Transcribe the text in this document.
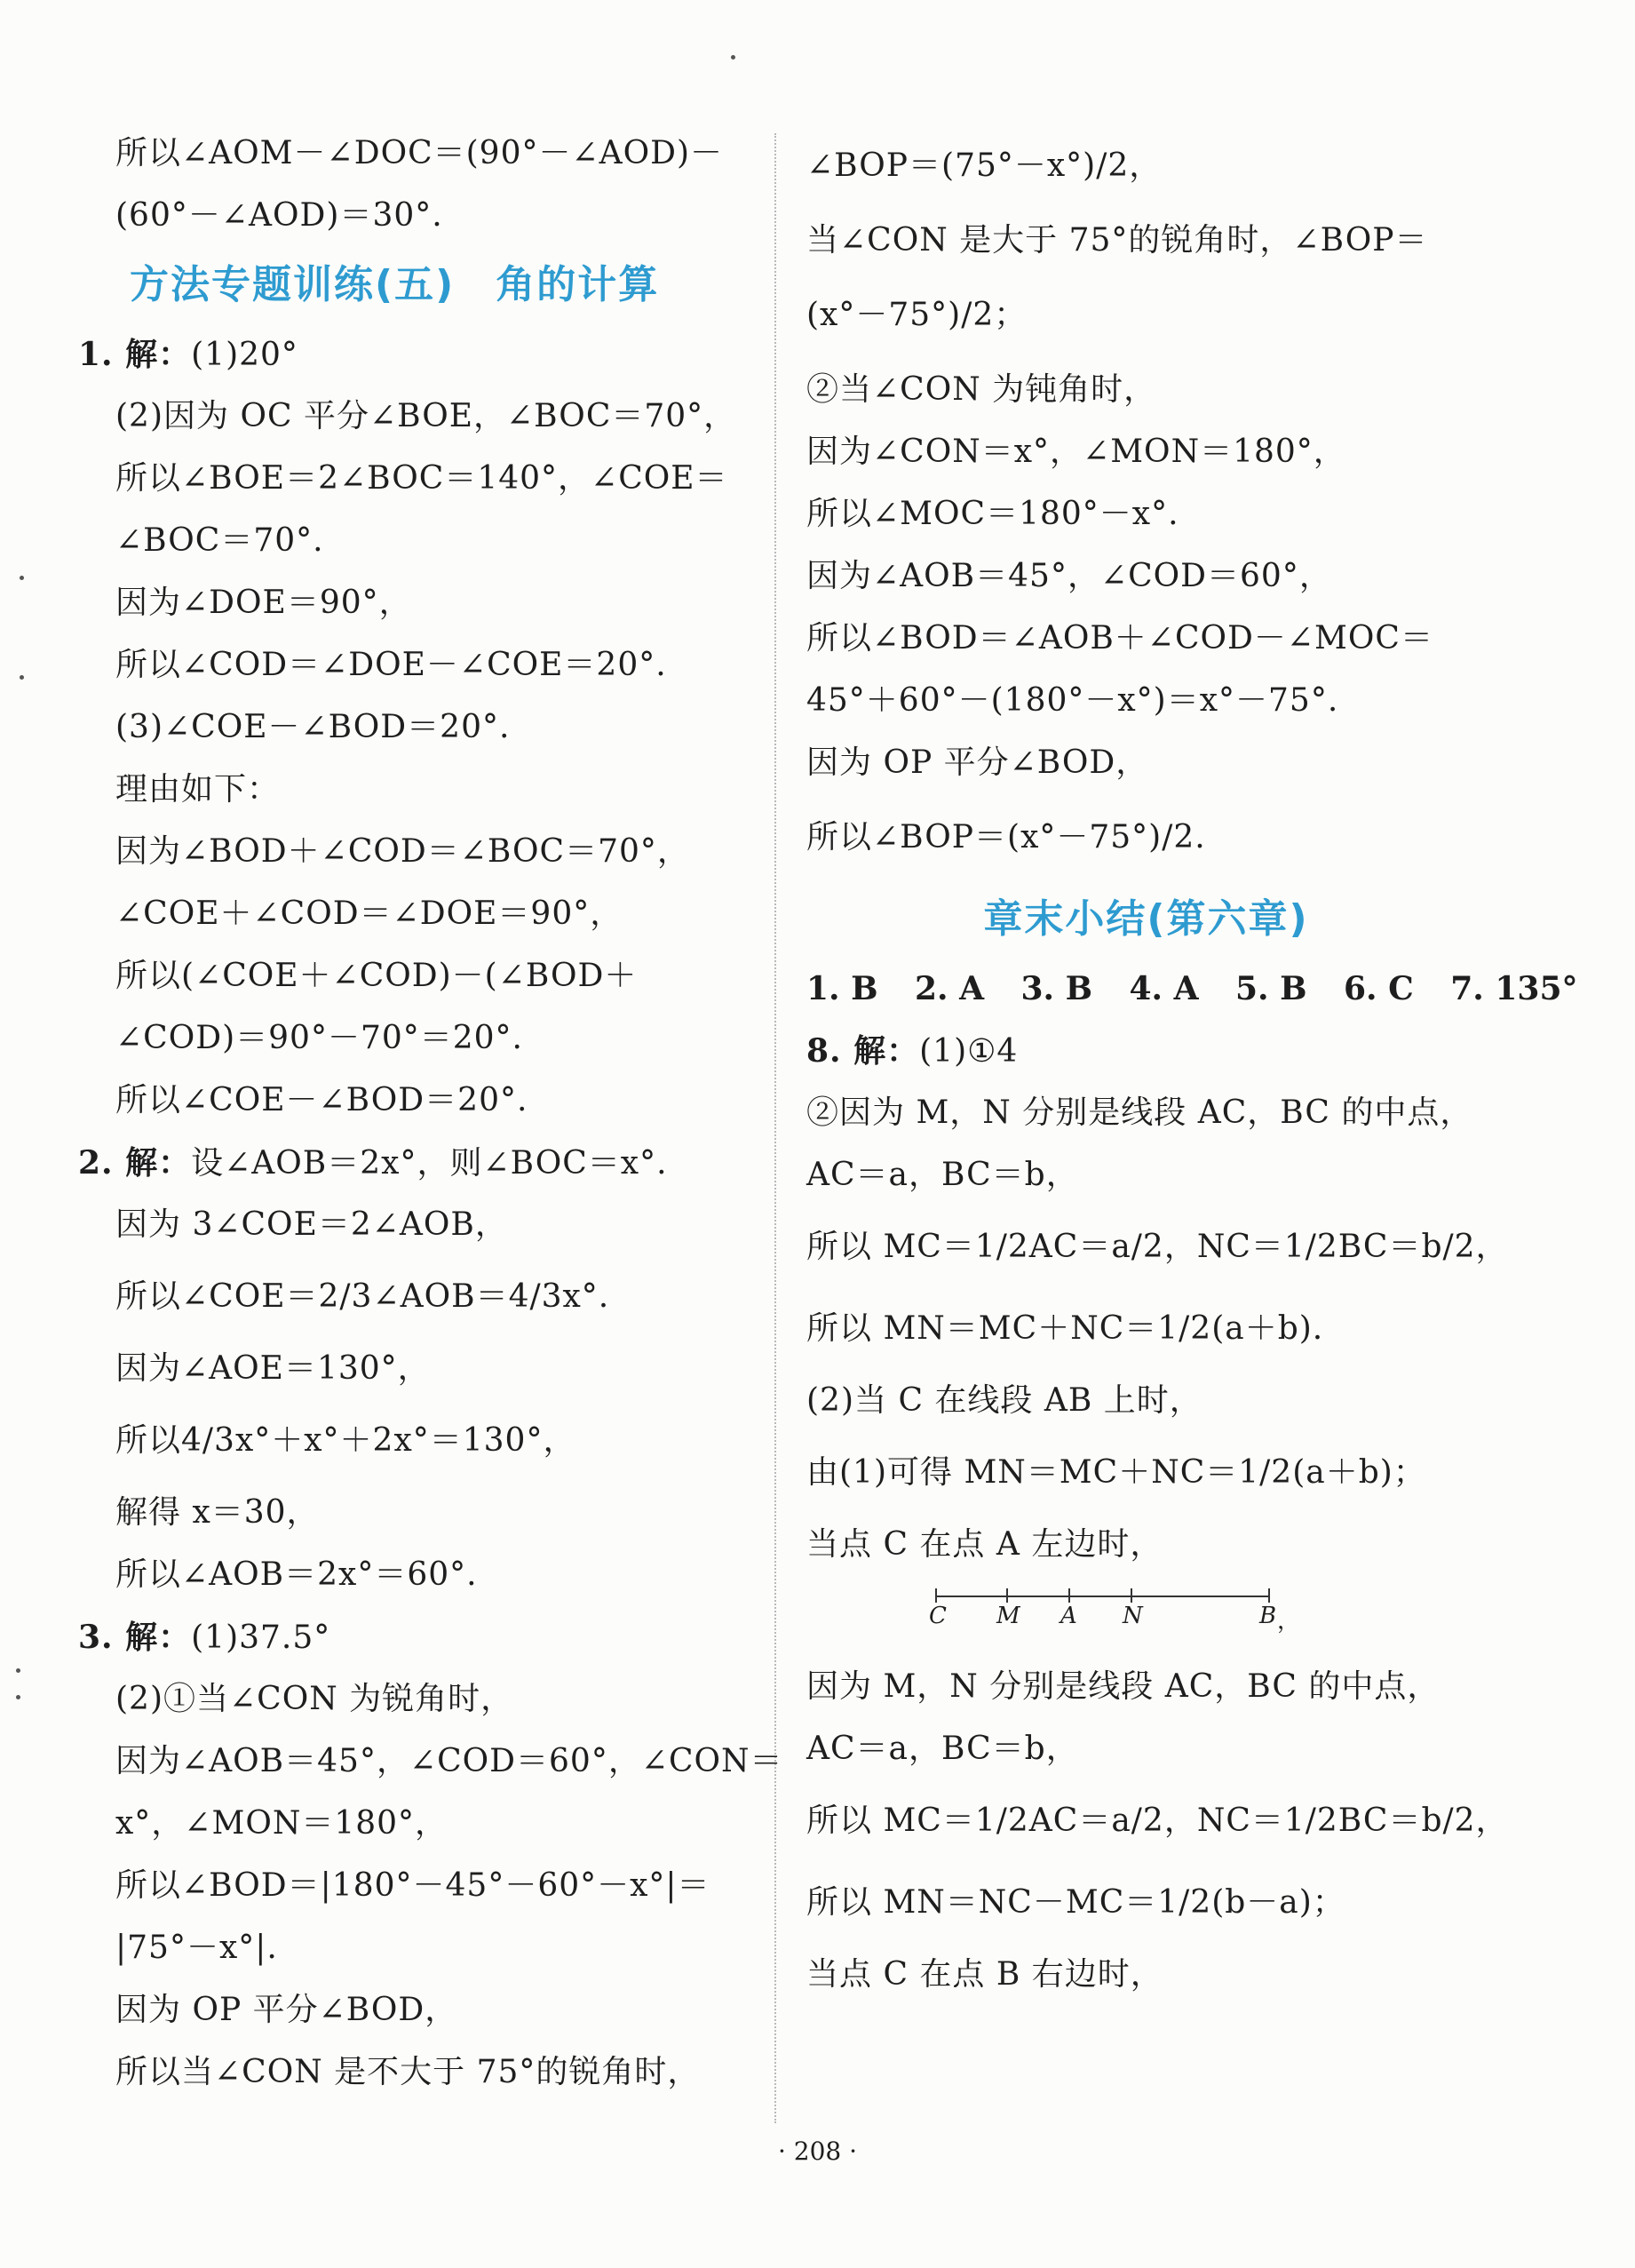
所以∠AOM－∠DOC＝(90°－∠AOD)－
(60°－∠AOD)＝30°.
方法专题训练(五)　角的计算
1. 解：(1)20°
(2)因为 OC 平分∠BOE，∠BOC＝70°，
所以∠BOE＝2∠BOC＝140°，∠COE＝
∠BOC＝70°.
因为∠DOE＝90°，
所以∠COD＝∠DOE－∠COE＝20°.
(3)∠COE－∠BOD＝20°.
理由如下：
因为∠BOD＋∠COD＝∠BOC＝70°，
∠COE＋∠COD＝∠DOE＝90°，
所以(∠COE＋∠COD)－(∠BOD＋
∠COD)＝90°－70°＝20°.
所以∠COE－∠BOD＝20°.
2. 解：设∠AOB＝2x°，则∠BOC＝x°.
因为 3∠COE＝2∠AOB，
所以∠COE＝2/3∠AOB＝4/3x°.
因为∠AOE＝130°，
所以4/3x°＋x°＋2x°＝130°，
解得 x＝30，
所以∠AOB＝2x°＝60°.
3. 解：(1)37.5°
(2)①当∠CON 为锐角时，
因为∠AOB＝45°，∠COD＝60°，∠CON＝
x°，∠MON＝180°，
所以∠BOD＝|180°－45°－60°－x°|＝
|75°－x°|.
因为 OP 平分∠BOD，
所以当∠CON 是不大于 75°的锐角时，
∠BOP＝(75°－x°)/2，
当∠CON 是大于 75°的锐角时，∠BOP＝
(x°－75°)/2；
②当∠CON 为钝角时，
因为∠CON＝x°，∠MON＝180°，
所以∠MOC＝180°－x°.
因为∠AOB＝45°，∠COD＝60°，
所以∠BOD＝∠AOB＋∠COD－∠MOC＝
45°＋60°－(180°－x°)＝x°－75°.
因为 OP 平分∠BOD，
所以∠BOP＝(x°－75°)/2.
章末小结(第六章)
1. B 2. A 3. B 4. A 5. B 6. C 7. 135°
8. 解：(1)①4
②因为 M，N 分别是线段 AC，BC 的中点，
AC＝a，BC＝b，
所以 MC＝1/2AC＝a/2，NC＝1/2BC＝b/2，
所以 MN＝MC＋NC＝1/2(a＋b).
(2)当 C 在线段 AB 上时，
由(1)可得 MN＝MC＋NC＝1/2(a＋b)；
当点 C 在点 A 左边时，
C M A N	B ，
因为 M，N 分别是线段 AC，BC 的中点，
AC＝a，BC＝b，
所以 MC＝1/2AC＝a/2，NC＝1/2BC＝b/2，
所以 MN＝NC－MC＝1/2(b－a)；
当点 C 在点 B 右边时，
· 208 ·
